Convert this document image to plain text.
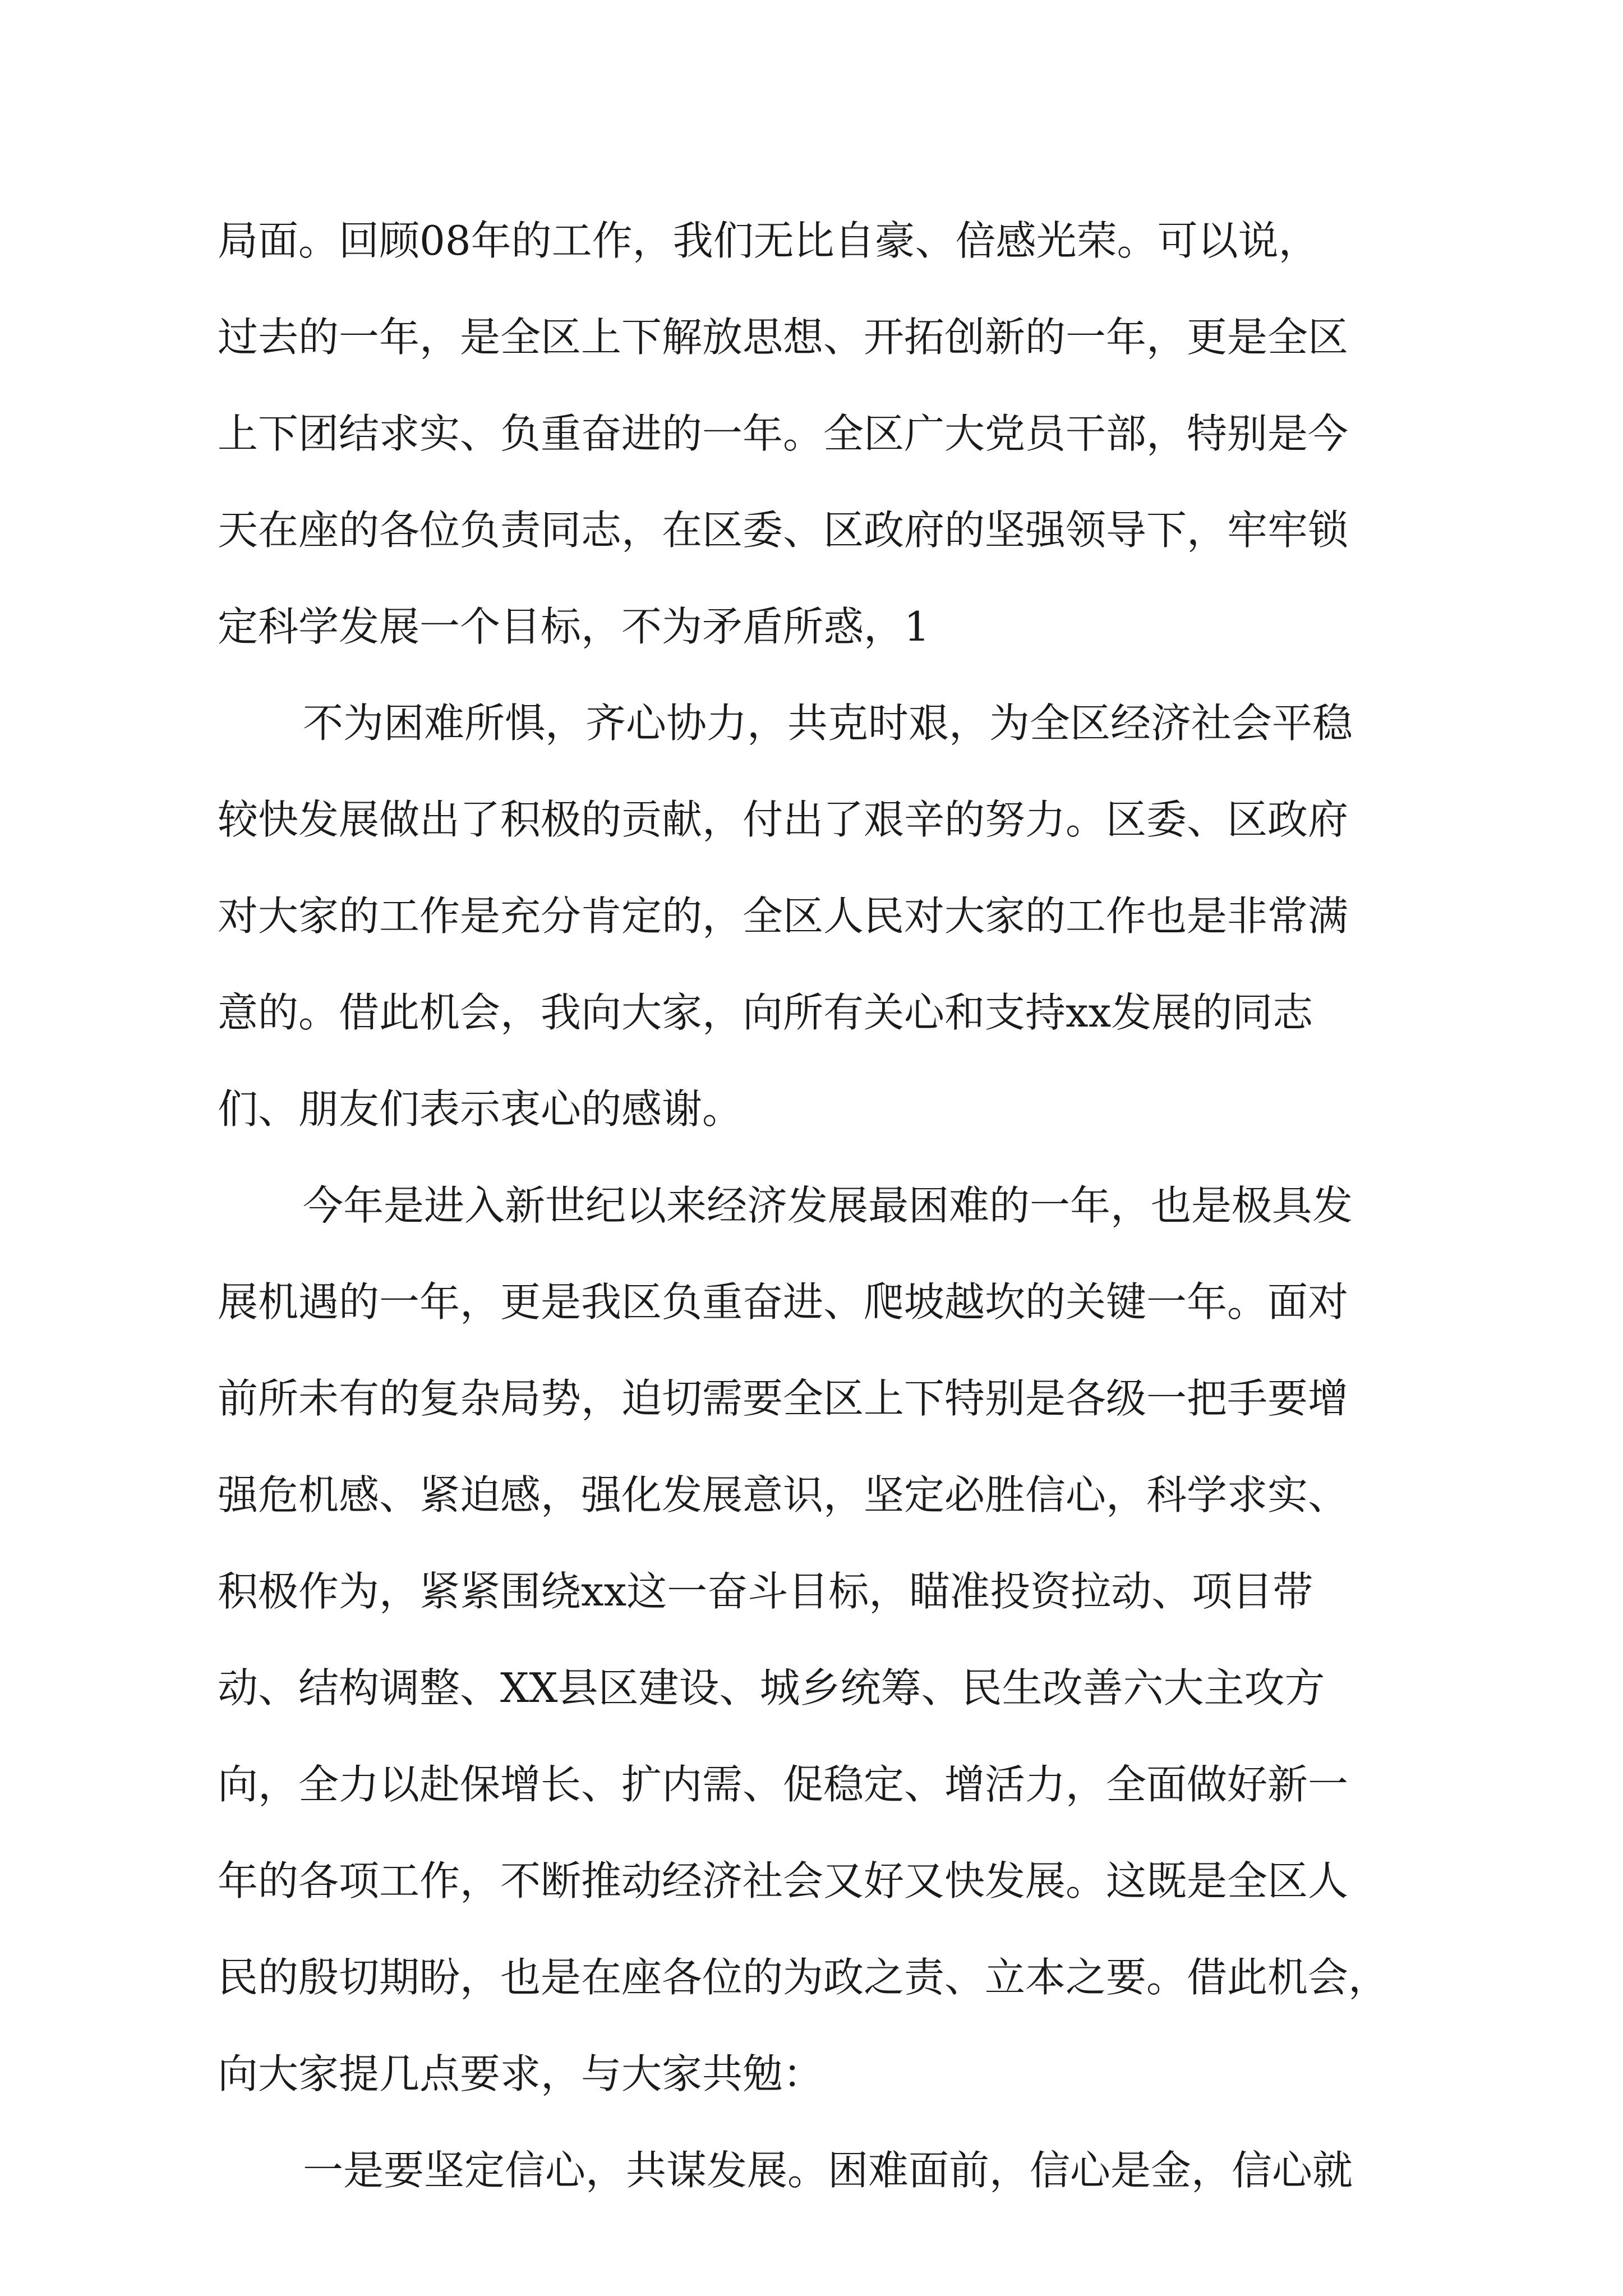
局面。回顾08年的工作，我们无比自豪、倍感光荣。可以说，

过去的一年，是全区上下解放思想、开拓创新的一年，更是全区

上下团结求实、负重奋进的一年。全区广大党员干部，特别是今

天在座的各位负责同志，在区委、区政府的坚强领导下，牢牢锁

定科学发展一个目标，不为矛盾所惑，1

不为困难所惧，齐心协力，共克时艰，为全区经济社会平稳

较快发展做出了积极的贡献，付出了艰辛的努力。区委、区政府

对大家的工作是充分肯定的，全区人民对大家的工作也是非常满

意的。借此机会，我向大家，向所有关心和支持xx发展的同志

们、朋友们表示衷心的感谢。

今年是进入新世纪以来经济发展最困难的一年，也是极具发

展机遇的一年，更是我区负重奋进、爬坡越坎的关键一年。面对

前所未有的复杂局势，迫切需要全区上下特别是各级一把手要增

强危机感、紧迫感，强化发展意识，坚定必胜信心，科学求实、

积极作为，紧紧围绕xx这一奋斗目标，瞄准投资拉动、项目带

动、结构调整、XX县区建设、城乡统筹、民生改善六大主攻方

向，全力以赴保增长、扩内需、促稳定、增活力，全面做好新一

年的各项工作，不断推动经济社会又好又快发展。这既是全区人

民的殷切期盼，也是在座各位的为政之责、立本之要。借此机会，

向大家提几点要求，与大家共勉：

一是要坚定信心，共谋发展。困难面前，信心是金，信心就
